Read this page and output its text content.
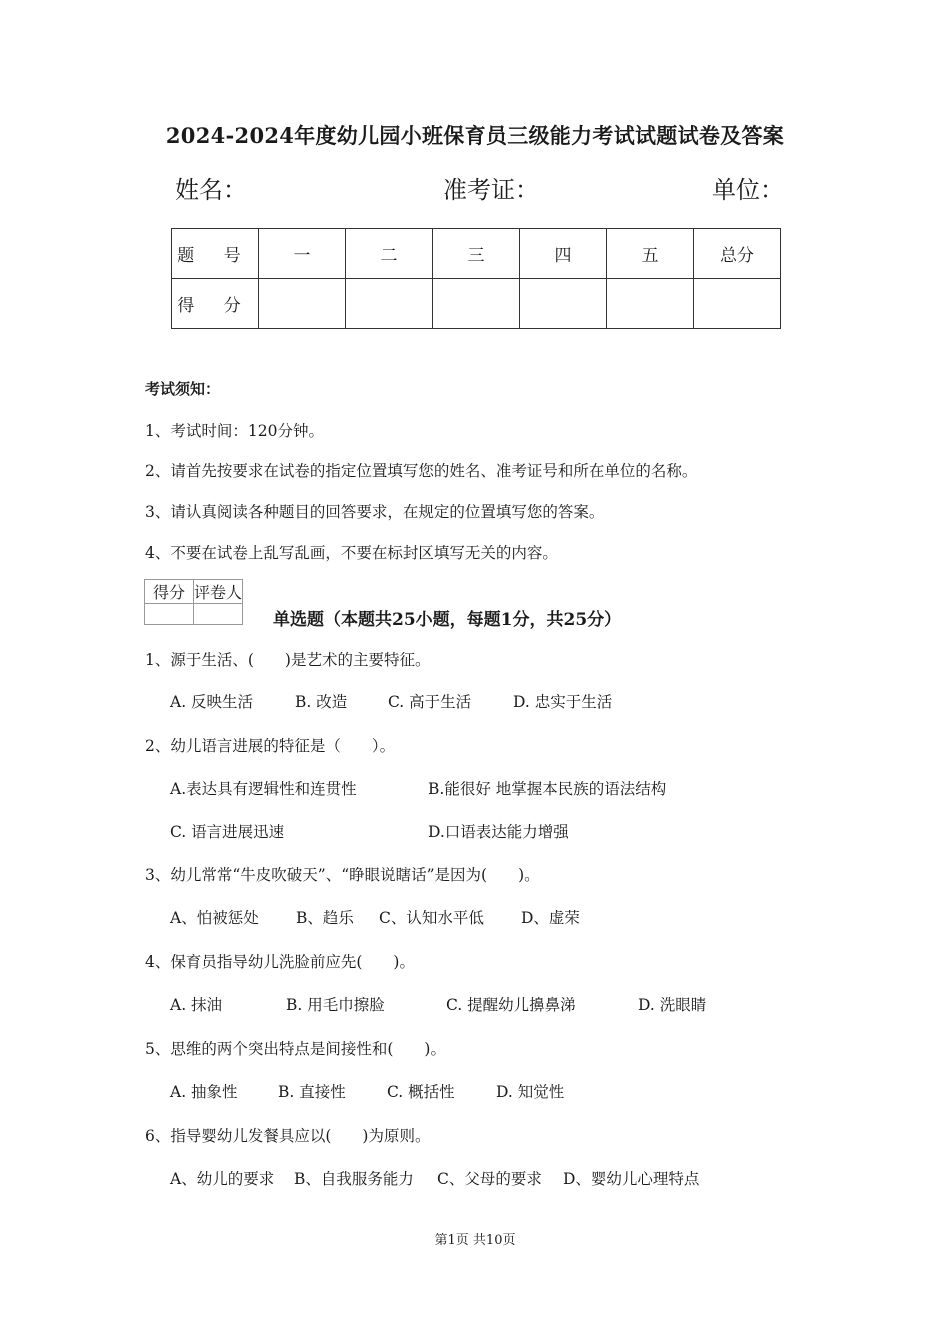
2024-2024年度幼儿园小班保育员三级能力考试试题试卷及答案
姓名：	准考证：	单位：
题 号	一	二	三	四	五	总分
得 分						
考试须知：
1、考试时间：120分钟。
2、请首先按要求在试卷的指定位置填写您的姓名、准考证号和所在单位的名称。
3、请认真阅读各种题目的回答要求，在规定的位置填写您的答案。
4、不要在试卷上乱写乱画，不要在标封区填写无关的内容。
得分	评卷人

单选题（本题共25小题，每题1分，共25分）
1、源于生活、(　　)是艺术的主要特征。
A. 反映生活	B. 改造	C. 高于生活	D. 忠实于生活
2、幼儿语言进展的特征是（　　）。
A.表达具有逻辑性和连贯性	B.能很好 地掌握本民族的语法结构
C. 语言进展迅速	D.口语表达能力增强
3、幼儿常常“牛皮吹破天”、“睁眼说瞎话”是因为(　　)。
A、怕被惩处 B、趋乐 C、认知水平低 D、虚荣
4、保育员指导幼儿洗脸前应先(　　)。
A. 抹油	B. 用毛巾擦脸	C. 提醒幼儿擤鼻涕	D. 洗眼睛
5、思维的两个突出特点是间接性和(　　)。
A. 抽象性	B. 直接性	C. 概括性	D. 知觉性
6、指导婴幼儿发餐具应以(　　)为原则。
A、幼儿的要求 B、自我服务能力 C、父母的要求 D、婴幼儿心理特点
第1页 共10页
